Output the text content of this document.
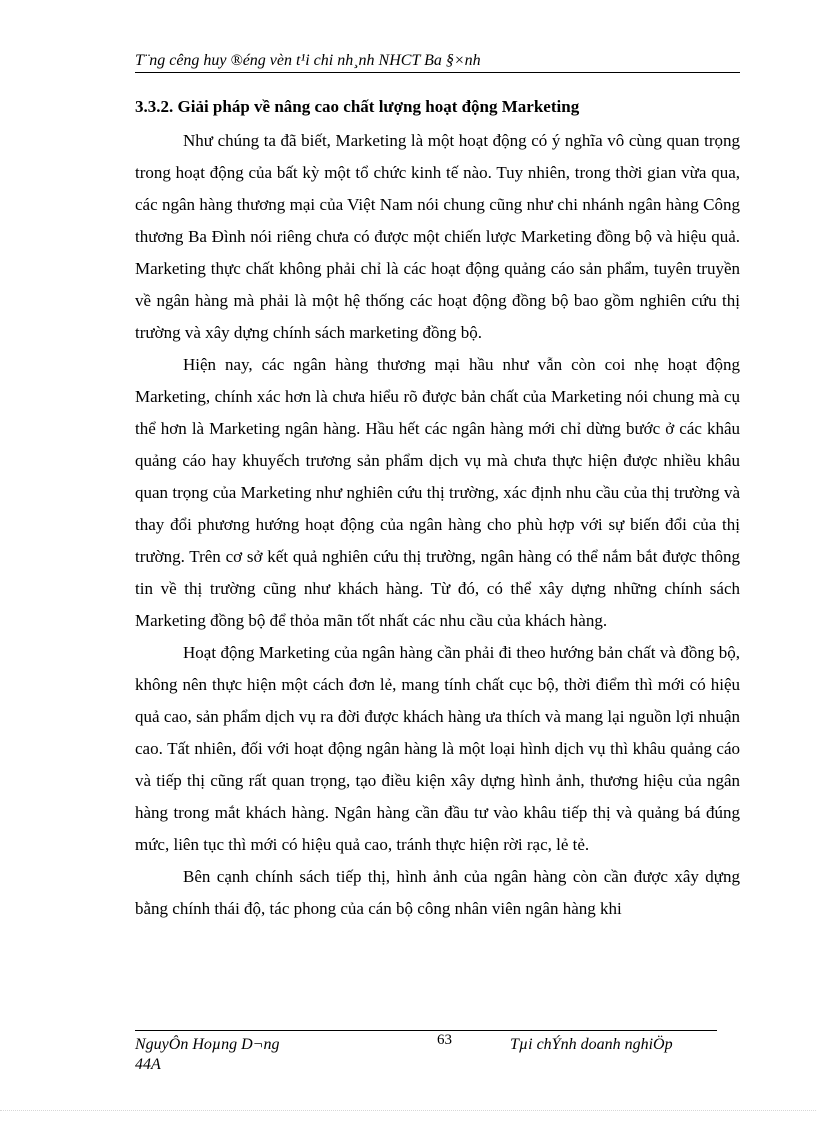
T¨ng cêng huy ®éng vèn t¹i chi nh¸nh NHCT Ba §×nh
3.3.2. Giải pháp về nâng cao chất lượng hoạt động Marketing

Như chúng ta đã biết, Marketing là một hoạt động có ý nghĩa vô cùng quan trọng trong hoạt động của bất kỳ một tổ chức kinh tế nào. Tuy nhiên, trong thời gian vừa qua, các ngân hàng thương mại của Việt Nam nói chung cũng như chi nhánh ngân hàng Công thương Ba Đình nói riêng chưa có được một chiến lược Marketing đồng bộ và hiệu quả. Marketing thực chất không phải chỉ là các hoạt động quảng cáo sản phẩm, tuyên truyền về ngân hàng mà phải là một hệ thống các hoạt động đồng bộ bao gồm nghiên cứu thị trường và xây dựng chính sách marketing đồng bộ.

Hiện nay, các ngân hàng thương mại hầu như vẫn còn coi nhẹ hoạt động Marketing, chính xác hơn là chưa hiểu rõ được bản chất của Marketing nói chung mà cụ thể hơn là Marketing ngân hàng. Hầu hết các ngân hàng mới chỉ dừng bước ở các khâu quảng cáo hay khuyếch trương sản phẩm dịch vụ mà chưa thực hiện được nhiều khâu quan trọng của Marketing như nghiên cứu thị trường, xác định nhu cầu của thị trường và thay đổi phương hướng hoạt động của ngân hàng cho phù hợp với sự biến đổi của thị trường. Trên cơ sở kết quả nghiên cứu thị trường, ngân hàng có thể nắm bắt được thông tin về thị trường cũng như khách hàng. Từ đó, có thể xây dựng những chính sách Marketing đồng bộ để thỏa mãn tốt nhất các nhu cầu của khách hàng.

Hoạt động Marketing của ngân hàng cần phải đi theo hướng bản chất và đồng bộ, không nên thực hiện một cách đơn lẻ, mang tính chất cục bộ, thời điểm thì mới có hiệu quả cao, sản phẩm dịch vụ ra đời được khách hàng ưa thích và mang lại nguồn lợi nhuận cao. Tất nhiên, đối với hoạt động ngân hàng là một loại hình dịch vụ thì khâu quảng cáo và tiếp thị cũng rất quan trọng, tạo điều kiện xây dựng hình ảnh, thương hiệu của ngân hàng trong mắt khách hàng. Ngân hàng cần đầu tư vào khâu tiếp thị và quảng bá đúng mức, liên tục thì mới có hiệu quả cao, tránh thực hiện rời rạc, lẻ tẻ.

Bên cạnh chính sách tiếp thị, hình ảnh của ngân hàng còn cần được xây dựng bằng chính thái độ, tác phong của cán bộ công nhân viên ngân hàng khi

NguyÔn Hoµng D¬ng
44A
63	Tµi chÝnh doanh nghiÖp
